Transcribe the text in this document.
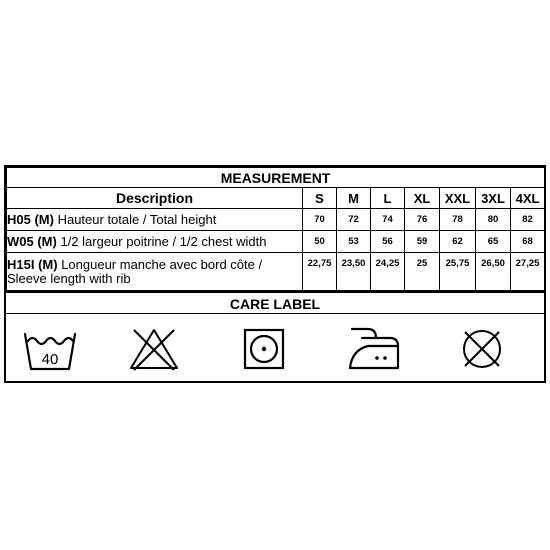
MEASUREMENT							
Description	S	M	L	XL	XXL	3XL	4XL
H05 (M) Hauteur totale / Total height	70	72	74	76	78	80	82
W05 (M) 1/2 largeur poitrine / 1/2 chest width	50	53	56	59	62	65	68
H15I (M) Longueur manche avec bord côte / Sleeve length with rib	22,75	23,50	24,25	25	25,75	26,50	27,25
CARE LABEL
40
